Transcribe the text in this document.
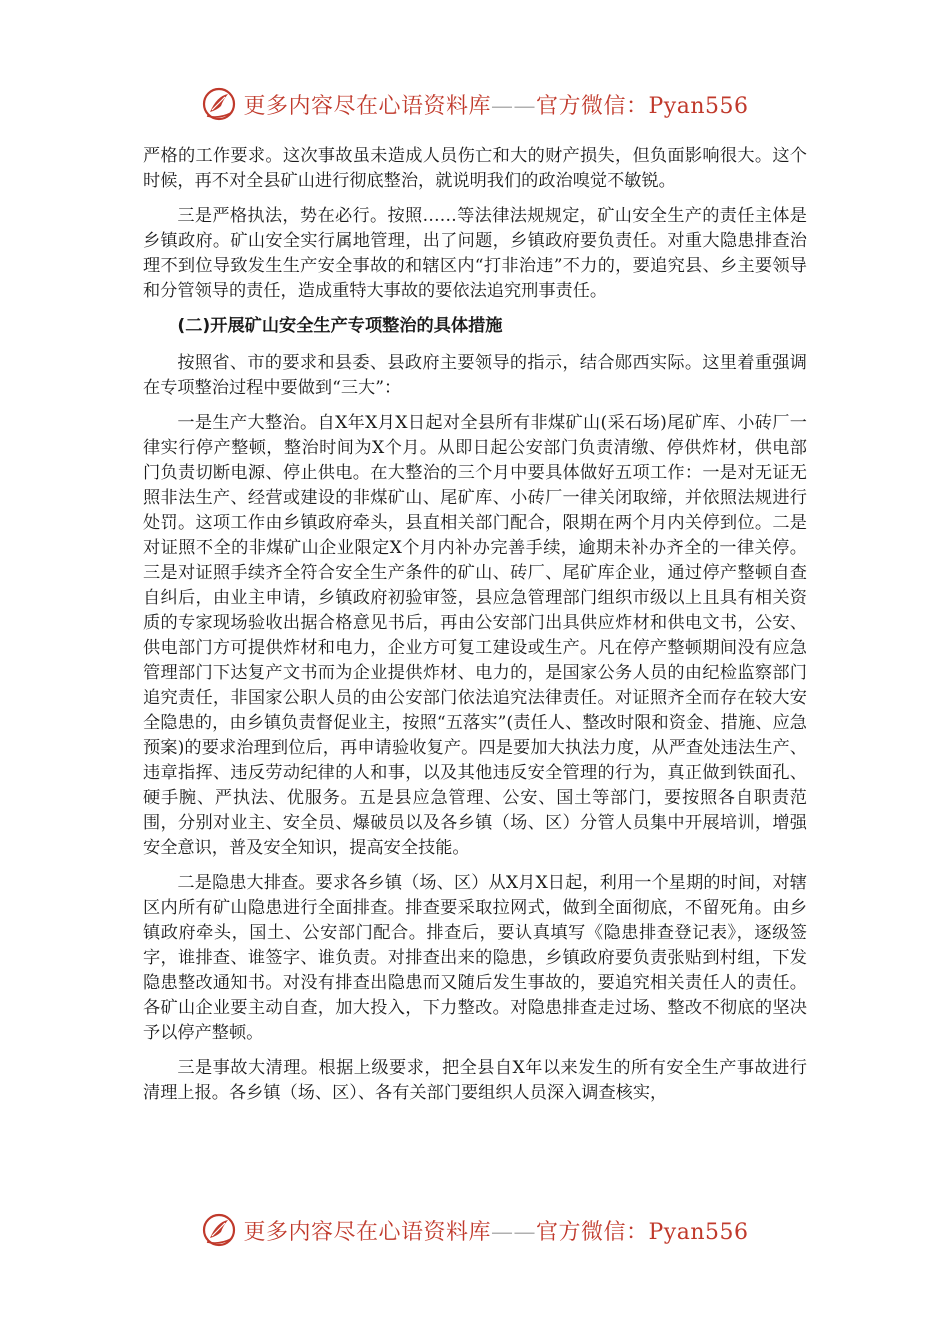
更多内容尽在心语资料库——官方微信：Pyan556

严格的工作要求。这次事故虽未造成人员伤亡和大的财产损失，但负面影响很大。这个时候，再不对全县矿山进行彻底整治，就说明我们的政治嗅觉不敏锐。

三是严格执法，势在必行。按照……等法律法规规定，矿山安全生产的责任主体是乡镇政府。矿山安全实行属地管理，出了问题，乡镇政府要负责任。对重大隐患排查治理不到位导致发生生产安全事故的和辖区内“打非治违”不力的，要追究县、乡主要领导和分管领导的责任，造成重特大事故的要依法追究刑事责任。

(二)开展矿山安全生产专项整治的具体措施

按照省、市的要求和县委、县政府主要领导的指示，结合郧西实际。这里着重强调在专项整治过程中要做到“三大”：

一是生产大整治。自X年X月X日起对全县所有非煤矿山(采石场)尾矿库、小砖厂一律实行停产整顿，整治时间为X个月。从即日起公安部门负责清缴、停供炸材，供电部门负责切断电源、停止供电。在大整治的三个月中要具体做好五项工作：一是对无证无照非法生产、经营或建设的非煤矿山、尾矿库、小砖厂一律关闭取缔，并依照法规进行处罚。这项工作由乡镇政府牵头，县直相关部门配合，限期在两个月内关停到位。二是对证照不全的非煤矿山企业限定X个月内补办完善手续，逾期未补办齐全的一律关停。三是对证照手续齐全符合安全生产条件的矿山、砖厂、尾矿库企业，通过停产整顿自查自纠后，由业主申请，乡镇政府初验审签，县应急管理部门组织市级以上且具有相关资质的专家现场验收出据合格意见书后，再由公安部门出具供应炸材和供电文书，公安、供电部门方可提供炸材和电力，企业方可复工建设或生产。凡在停产整顿期间没有应急管理部门下达复产文书而为企业提供炸材、电力的，是国家公务人员的由纪检监察部门追究责任，非国家公职人员的由公安部门依法追究法律责任。对证照齐全而存在较大安全隐患的，由乡镇负责督促业主，按照“五落实”(责任人、整改时限和资金、措施、应急预案)的要求治理到位后，再申请验收复产。四是要加大执法力度，从严查处违法生产、违章指挥、违反劳动纪律的人和事，以及其他违反安全管理的行为，真正做到铁面孔、硬手腕、严执法、优服务。五是县应急管理、公安、国土等部门，要按照各自职责范围，分别对业主、安全员、爆破员以及各乡镇（场、区）分管人员集中开展培训，增强安全意识，普及安全知识，提高安全技能。

二是隐患大排查。要求各乡镇（场、区）从X月X日起，利用一个星期的时间，对辖区内所有矿山隐患进行全面排查。排查要采取拉网式，做到全面彻底，不留死角。由乡镇政府牵头，国土、公安部门配合。排查后，要认真填写《隐患排查登记表》，逐级签字，谁排查、谁签字、谁负责。对排查出来的隐患，乡镇政府要负责张贴到村组，下发隐患整改通知书。对没有排查出隐患而又随后发生事故的，要追究相关责任人的责任。各矿山企业要主动自查，加大投入，下力整改。对隐患排查走过场、整改不彻底的坚决予以停产整顿。

三是事故大清理。根据上级要求，把全县自X年以来发生的所有安全生产事故进行清理上报。各乡镇（场、区）、各有关部门要组织人员深入调查核实，

更多内容尽在心语资料库——官方微信：Pyan556
